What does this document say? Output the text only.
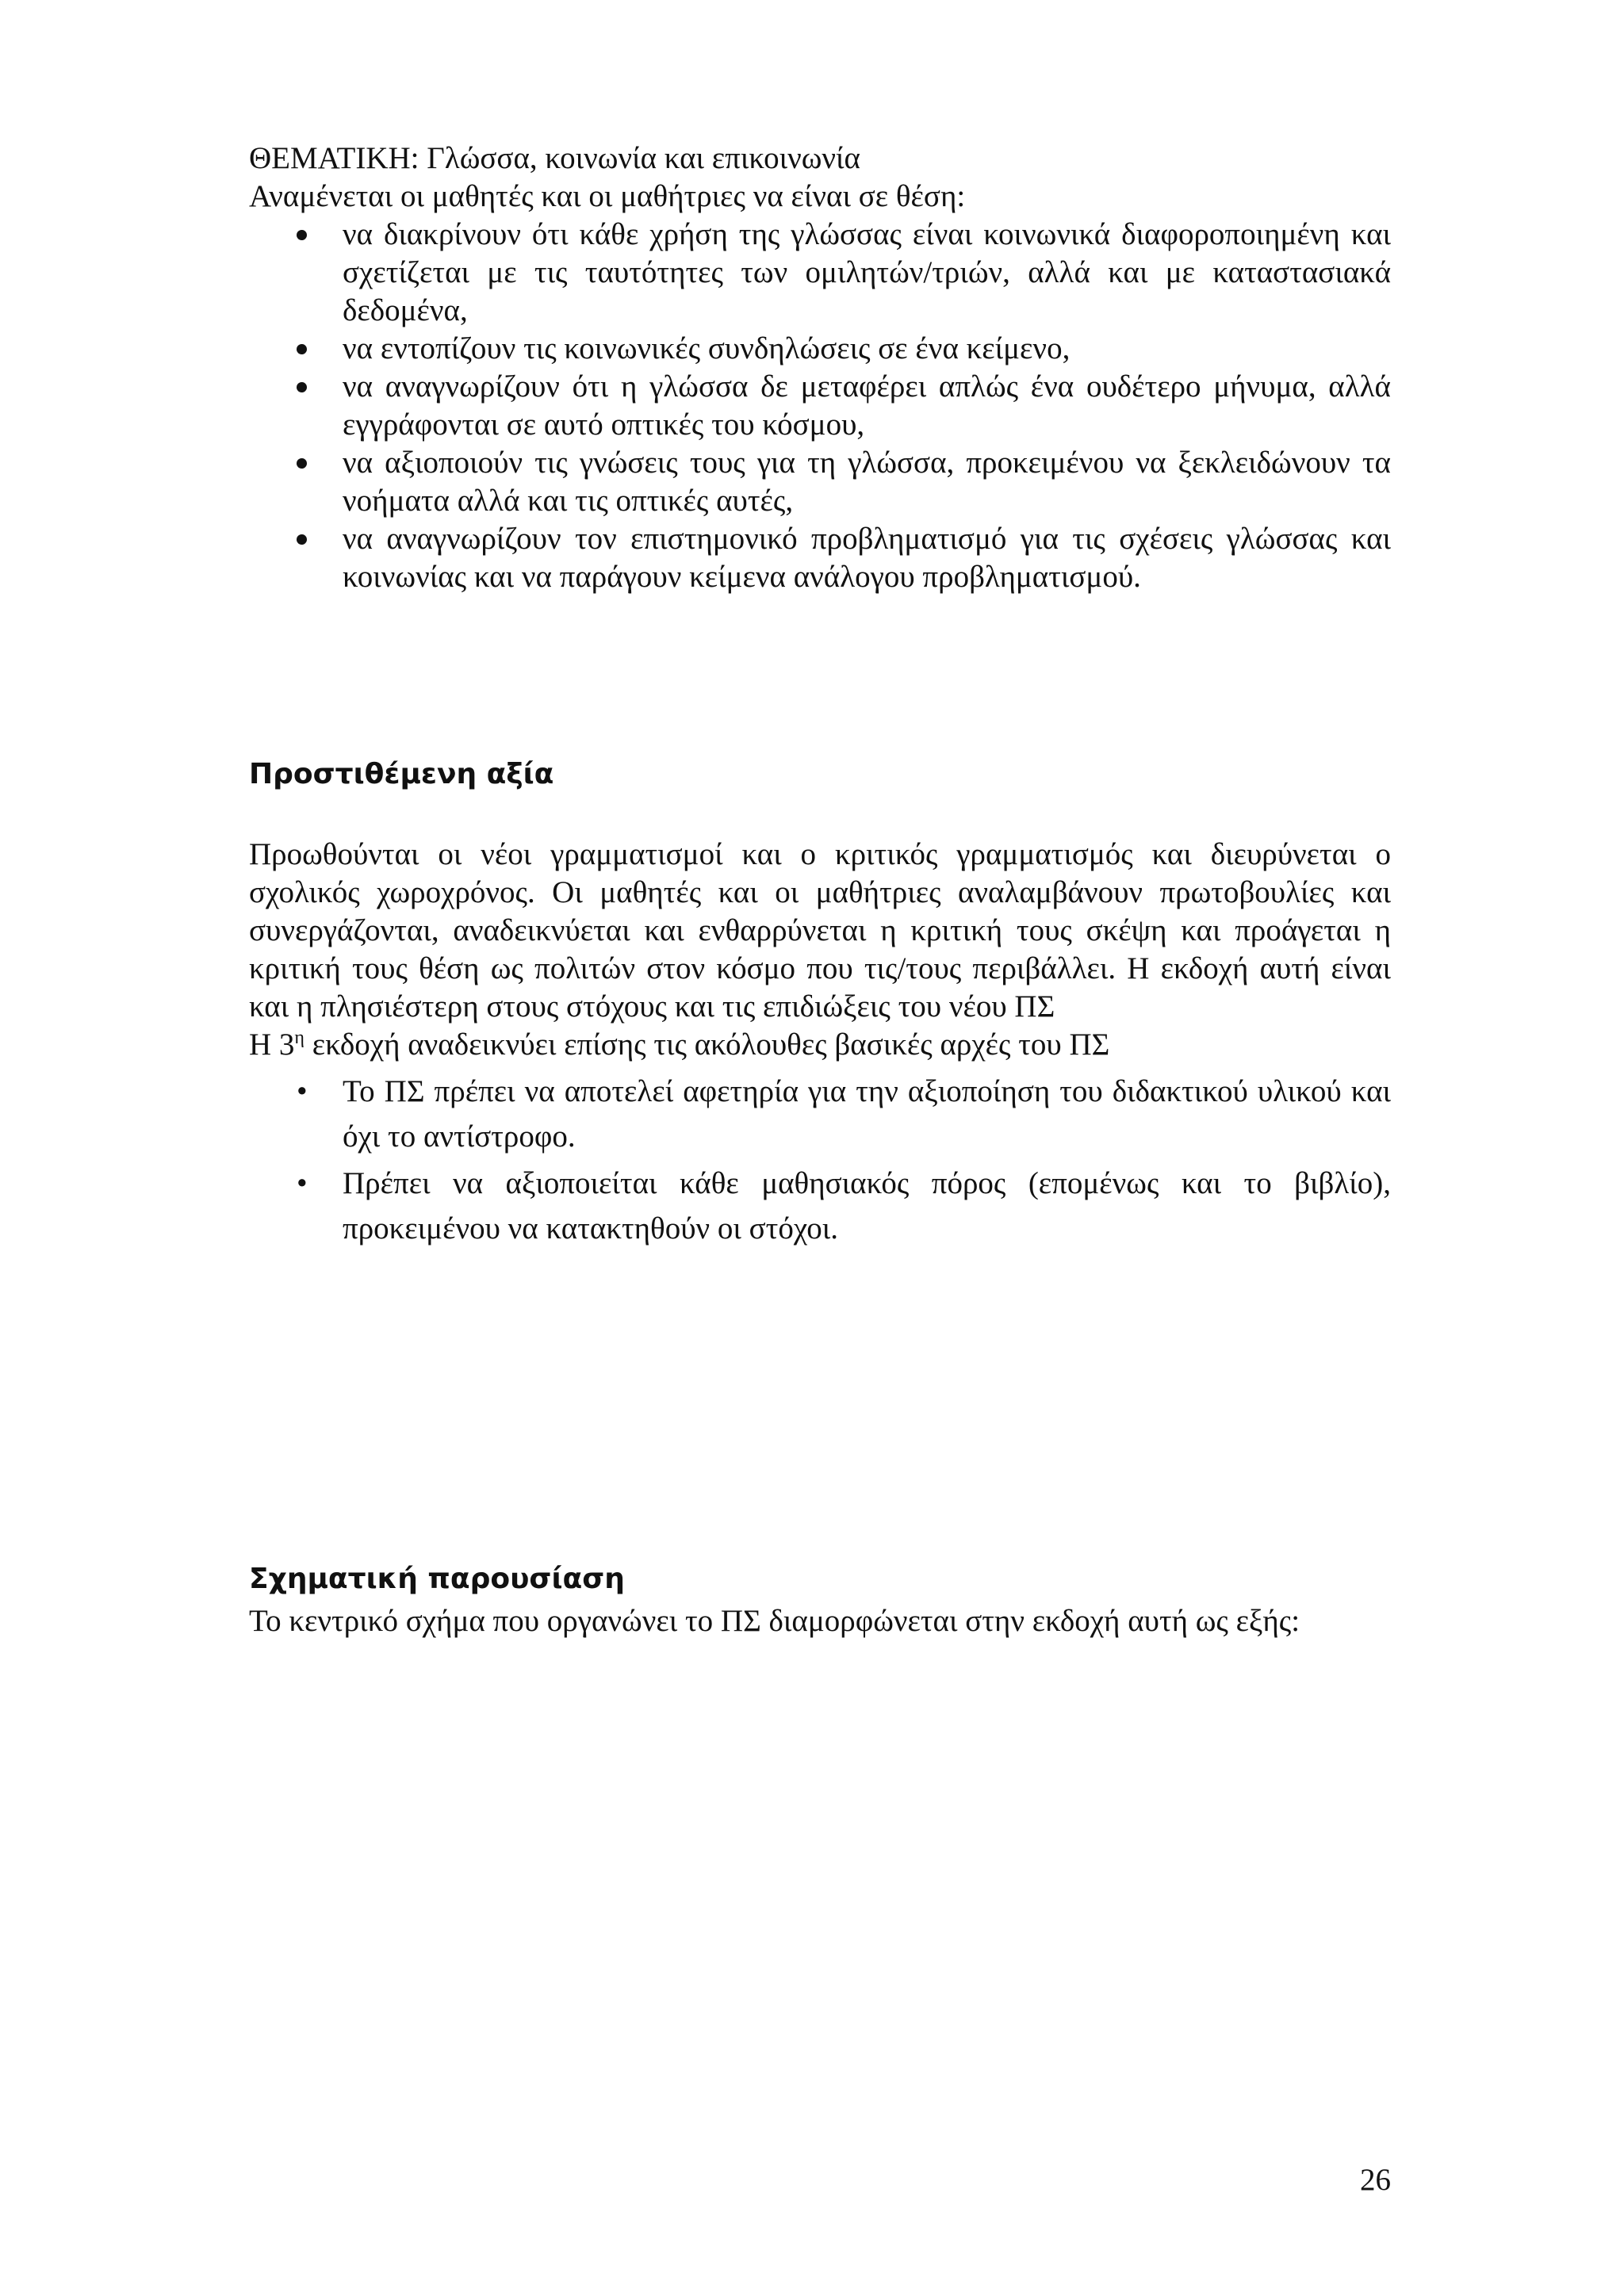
ΘΕΜΑΤΙΚΗ: Γλώσσα, κοινωνία και επικοινωνία

Αναμένεται οι μαθητές και οι μαθήτριες να είναι σε θέση:

να διακρίνουν ότι κάθε χρήση της γλώσσας είναι κοινωνικά διαφοροποιημένη και σχετίζεται με τις ταυτότητες των ομιλητών/τριών, αλλά και με καταστασιακά δεδομένα,
να εντοπίζουν τις κοινωνικές συνδηλώσεις σε ένα κείμενο,
να αναγνωρίζουν ότι η γλώσσα δε μεταφέρει απλώς ένα ουδέτερο μήνυμα, αλλά εγγράφονται σε αυτό οπτικές του κόσμου,
να αξιοποιούν τις γνώσεις τους για τη γλώσσα, προκειμένου να ξεκλειδώνουν τα νοήματα αλλά και τις οπτικές αυτές,
να αναγνωρίζουν τον επιστημονικό προβληματισμό για τις σχέσεις γλώσσας και κοινωνίας και να παράγουν κείμενα ανάλογου προβληματισμού.
Προστιθέμενη αξία

Προωθούνται οι νέοι γραμματισμοί και ο κριτικός γραμματισμός και διευρύνεται ο σχολικός χωροχρόνος. Οι μαθητές και οι μαθήτριες αναλαμβάνουν πρωτοβουλίες και συνεργάζονται, αναδεικνύεται και ενθαρρύνεται η κριτική τους σκέψη και προάγεται η κριτική τους θέση ως πολιτών στον κόσμο που τις/τους περιβάλλει. Η εκδοχή αυτή είναι και η πλησιέστερη στους στόχους και τις επιδιώξεις του νέου ΠΣ

Η $3^\eta$ εκδοχή αναδεικνύει επίσης τις ακόλουθες βασικές αρχές του ΠΣ

• Το ΠΣ πρέπει να αποτελεί αφετηρία για την αξιοποίηση του διδακτικού υλικού και όχι το αντίστροφο.
• Πρέπει να αξιοποιείται κάθε μαθησιακός πόρος (επομένως και το βιβλίο), προκειμένου να κατακτηθούν οι στόχοι.
Σχηματική παρουσίαση

Το κεντρικό σχήμα που οργανώνει το ΠΣ διαμορφώνεται στην εκδοχή αυτή ως εξής:

26
